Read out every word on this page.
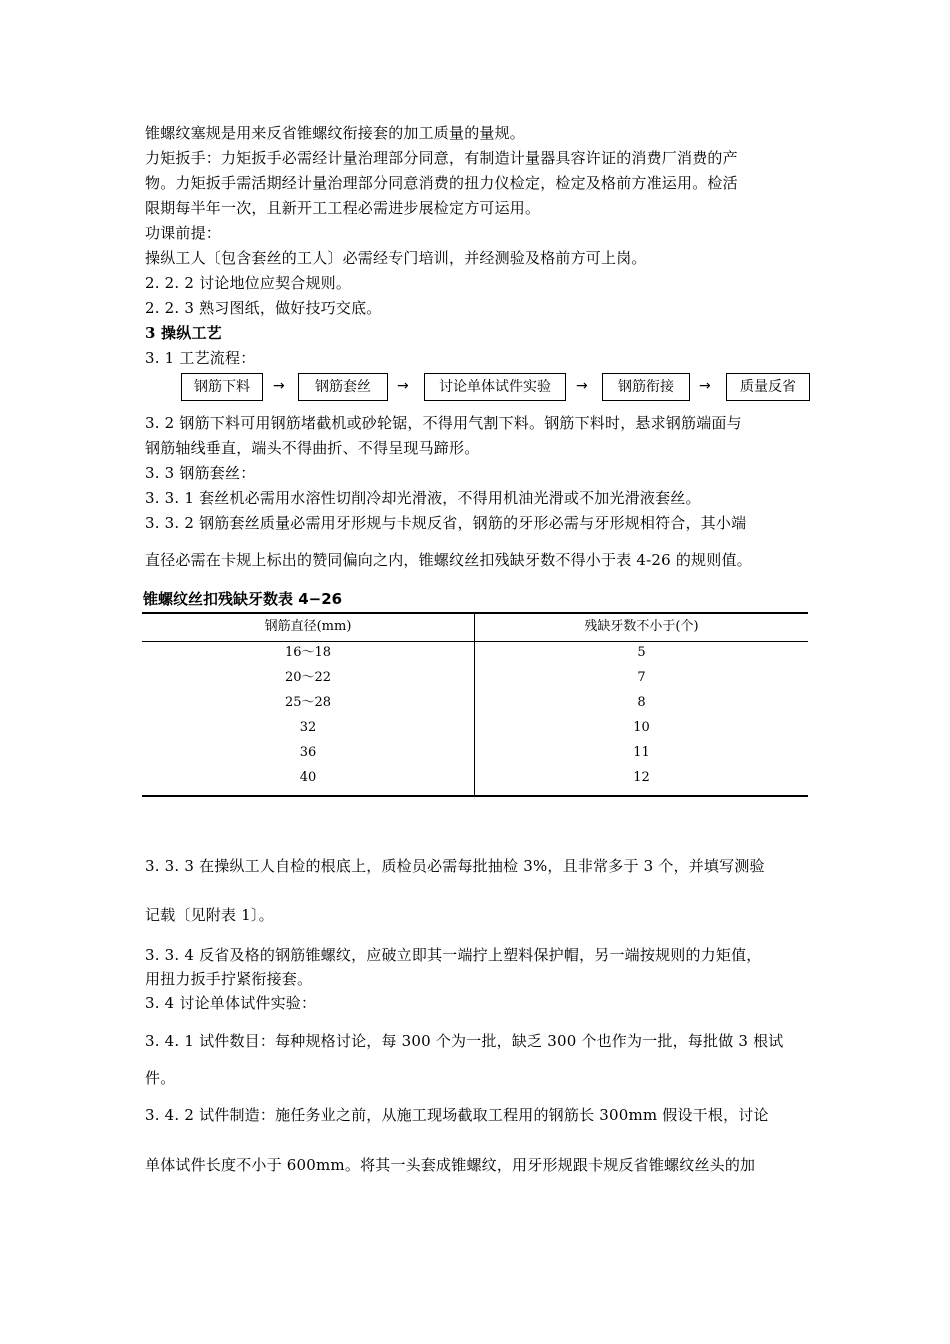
锥螺纹塞规是用来反省锥螺纹衔接套的加工质量的量规。
力矩扳手：力矩扳手必需经计量治理部分同意，有制造计量器具容许证的消费厂消费的产
物。力矩扳手需活期经计量治理部分同意消费的扭力仪检定，检定及格前方准运用。检活
限期每半年一次，且新开工工程必需进步展检定方可运用。
功课前提：
操纵工人〔包含套丝的工人〕必需经专门培训，并经测验及格前方可上岗。
2. 2. 2 讨论地位应契合规则。
2. 2. 3 熟习图纸，做好技巧交底。
3 操纵工艺
3. 1 工艺流程：
钢筋下料	→	钢筋套丝	→	讨论单体试件实验	→	钢筋衔接	→	质量反省
3. 2 钢筋下料可用钢筋堵截机或砂轮锯，不得用气割下料。钢筋下料时，悬求钢筋端面与
钢筋轴线垂直，端头不得曲折、不得呈现马蹄形。
3. 3 钢筋套丝：
3. 3. 1 套丝机必需用水溶性切削冷却光滑液，不得用机油光滑或不加光滑液套丝。
3. 3. 2 钢筋套丝质量必需用牙形规与卡规反省，钢筋的牙形必需与牙形规相符合，其小端
直径必需在卡规上标出的赞同偏向之内，锥螺纹丝扣残缺牙数不得小于表 4-26 的规则值。
锥螺纹丝扣残缺牙数表 4−26
钢筋直径(mm)	残缺牙数不小于(个)
16～18	5
20～22	7
25～28	8
32	10
36	11
40	12
3. 3. 3 在操纵工人自检的根底上，质检员必需每批抽检 3%，且非常多于 3 个，并填写测验
记载〔见附表 1〕。
3. 3. 4 反省及格的钢筋锥螺纹，应破立即其一端拧上塑料保护帽，另一端按规则的力矩值，
用扭力扳手拧紧衔接套。
3. 4 讨论单体试件实验：
3. 4. 1 试件数目：每种规格讨论，每 300 个为一批，缺乏 300 个也作为一批，每批做 3 根试
件。
3. 4. 2 试件制造：施任务业之前，从施工现场截取工程用的钢筋长 300mm 假设干根，讨论
单体试件长度不小于 600mm。将其一头套成锥螺纹，用牙形规跟卡规反省锥螺纹丝头的加
